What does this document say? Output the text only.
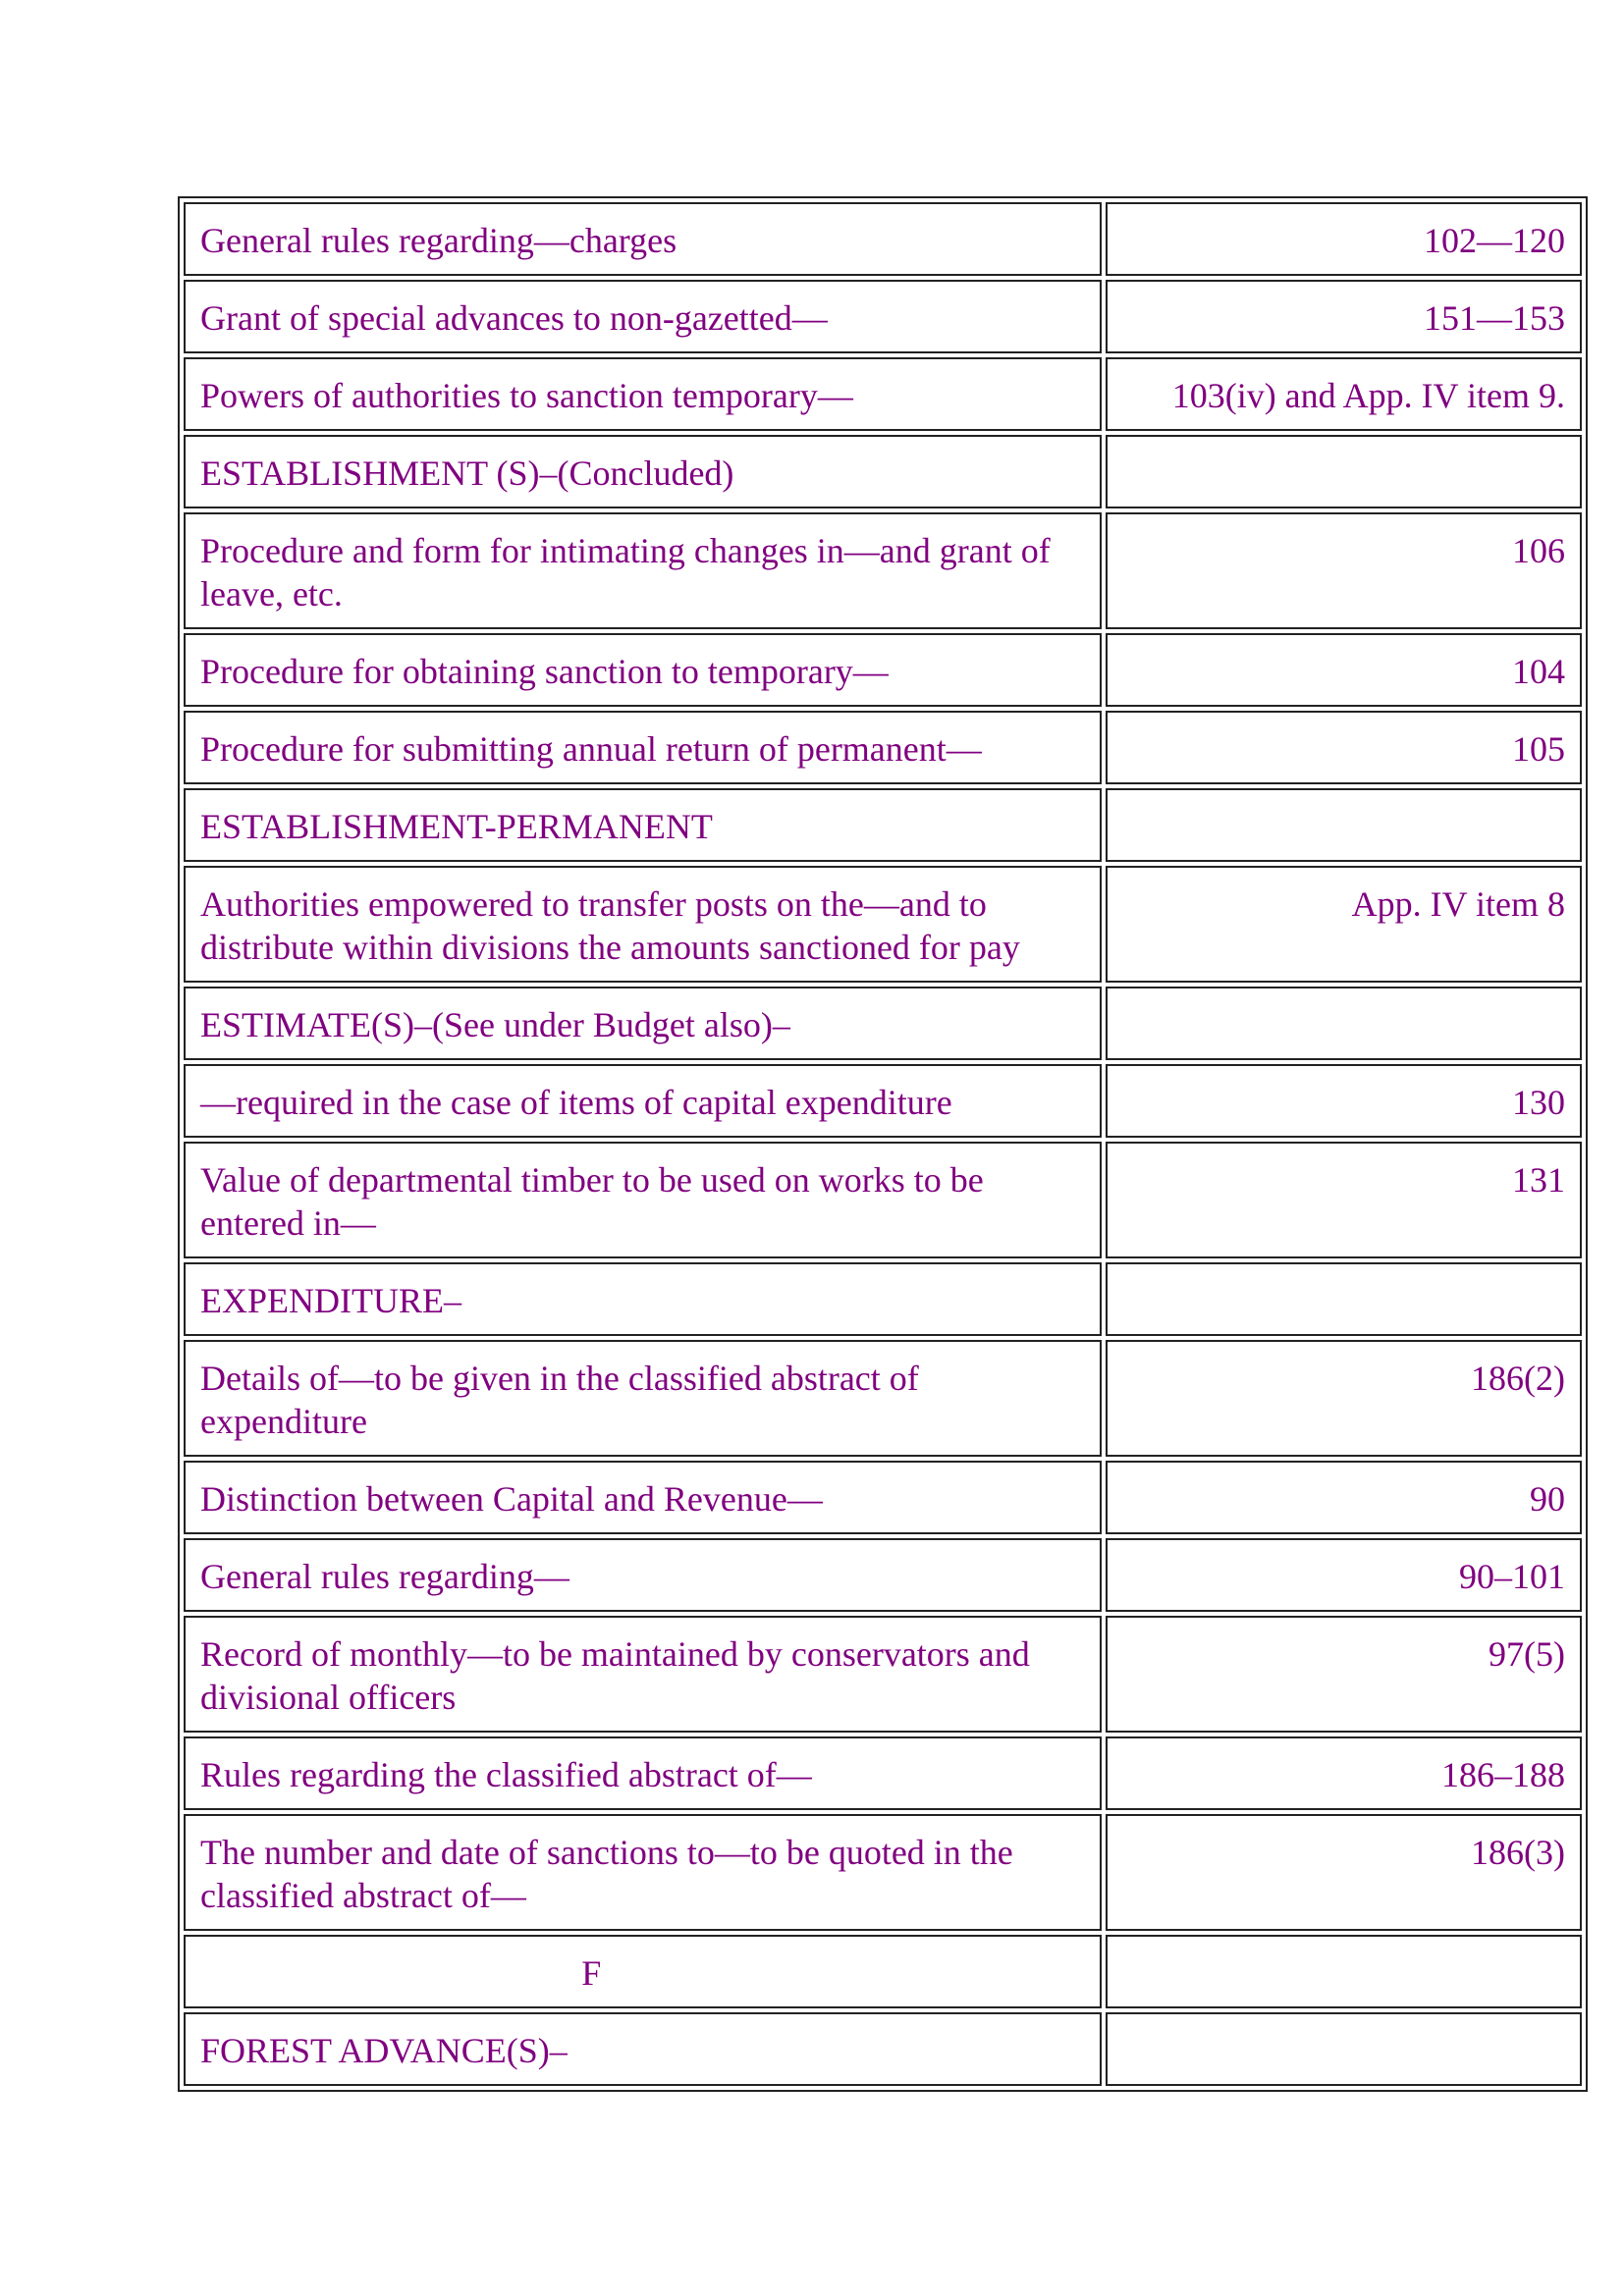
General rules regarding—charges	102—120
Grant of special advances to non-gazetted—	151—153
Powers of authorities to sanction temporary—	103(iv) and App. IV item 9.
ESTABLISHMENT (S)–(Concluded)	
Procedure and form for intimating changes in—and grant of leave, etc.	106
Procedure for obtaining sanction to temporary—	104
Procedure for submitting annual return of permanent—	105
ESTABLISHMENT-PERMANENT	
Authorities empowered to transfer posts on the—and to distribute within divisions the amounts sanctioned for pay	App. IV item 8
ESTIMATE(S)–(See under Budget also)–	
—required in the case of items of capital expenditure	130
Value of departmental timber to be used on works to be entered in—	131
EXPENDITURE–	
Details of—to be given in the classified abstract of expenditure	186(2)
Distinction between Capital and Revenue—	90
General rules regarding—	90–101
Record of monthly—to be maintained by conservators and divisional officers	97(5)
Rules regarding the classified abstract of—	186–188
The number and date of sanctions to—to be quoted in the classified abstract of—	186(3)
F	
FOREST ADVANCE(S)–	
